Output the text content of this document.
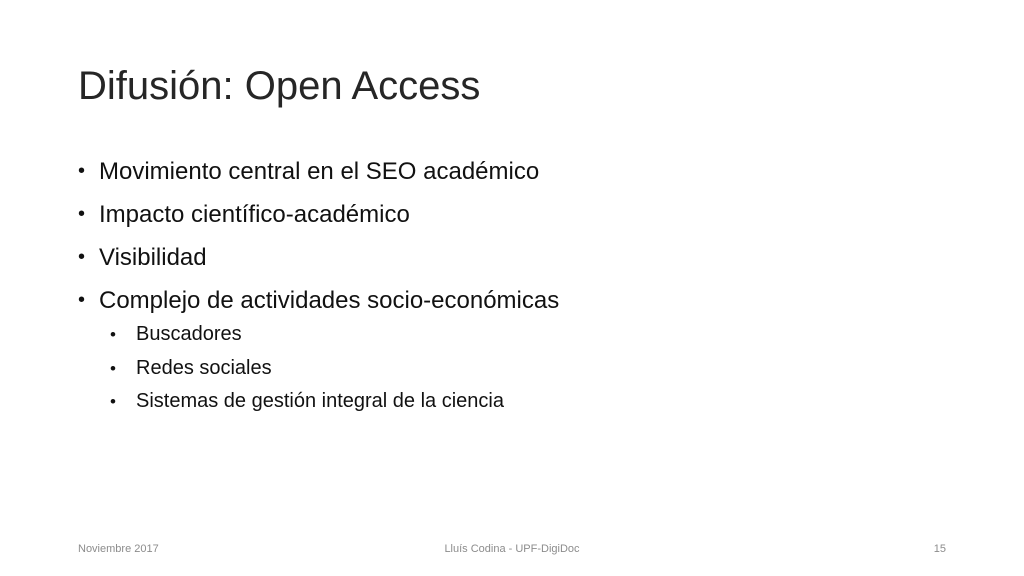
Difusión: Open Access
• Movimiento central en el SEO académico
• Impacto científico-académico
• Visibilidad
• Complejo de actividades socio-económicas
• Buscadores
• Redes sociales
• Sistemas de gestión integral de la ciencia
Noviembre 2017	Lluís Codina - UPF-DigiDoc	15
